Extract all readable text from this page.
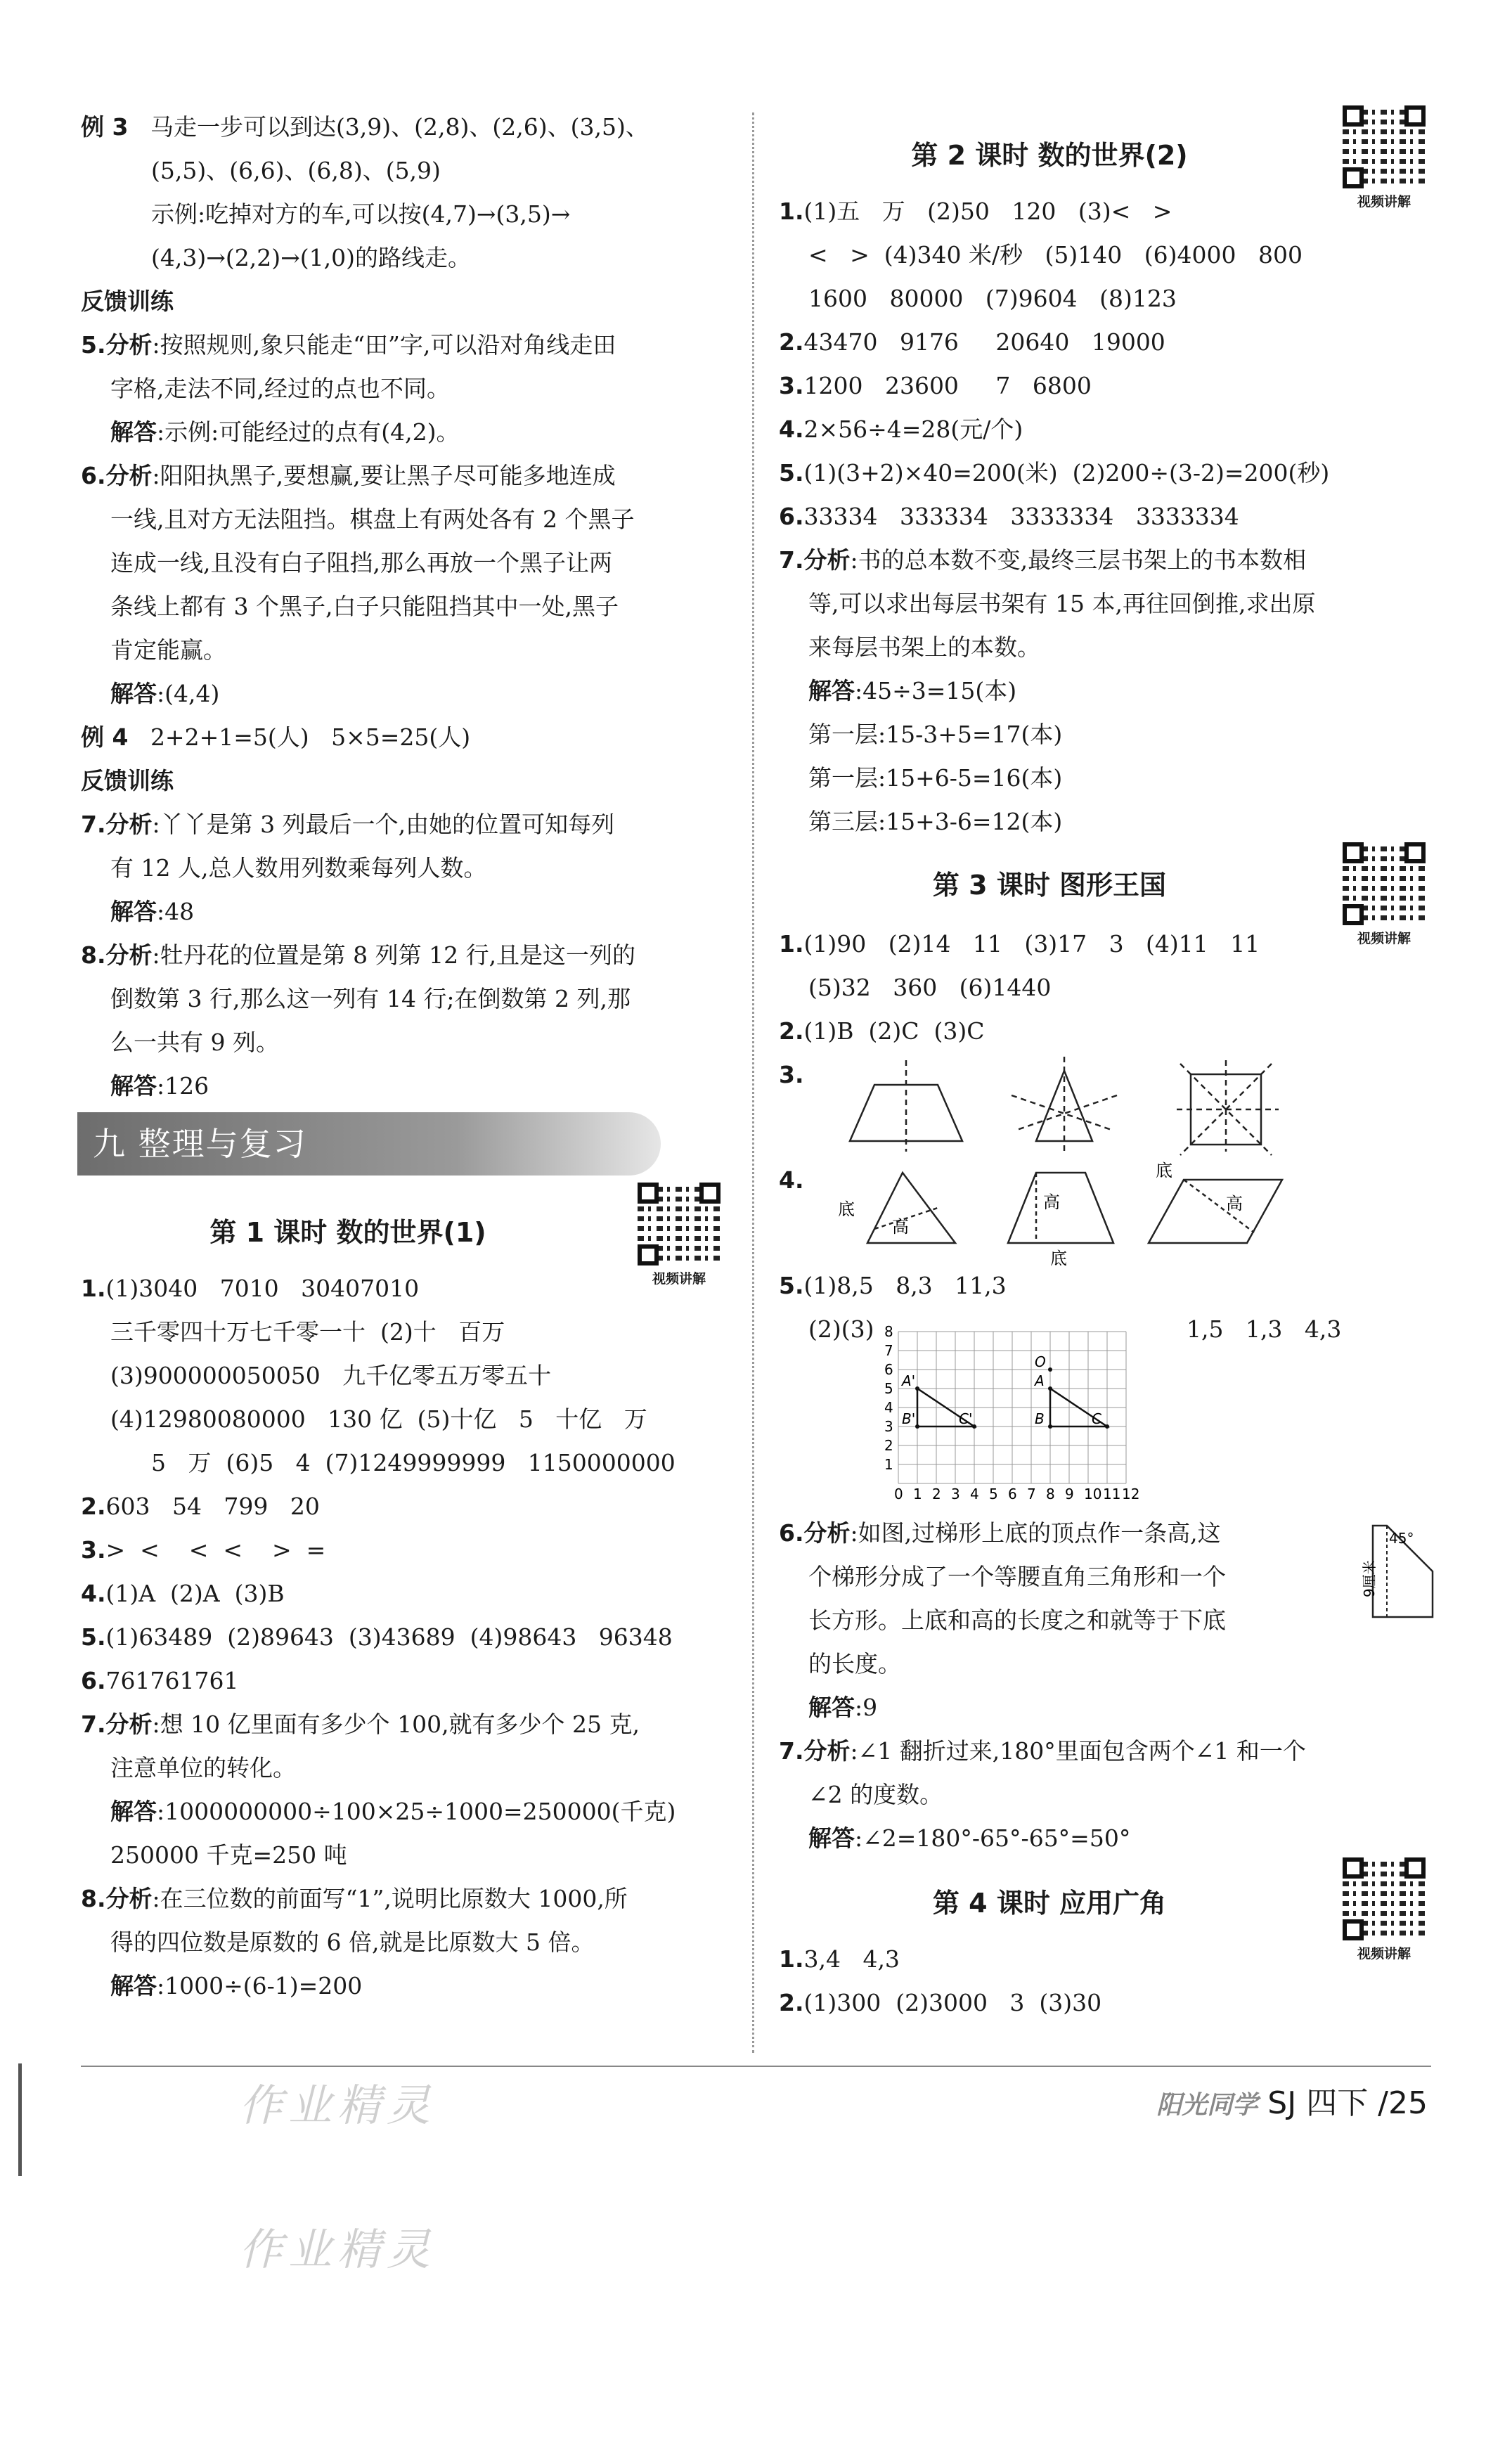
例 3 马走一步可以到达(3,9)、(2,8)、(2,6)、(3,5)、

(5,5)、(6,6)、(6,8)、(5,9)

示例:吃掉对方的车,可以按(4,7)→(3,5)→

(4,3)→(2,2)→(1,0)的路线走。

反馈训练

5.分析:按照规则,象只能走“田”字,可以沿对角线走田

字格,走法不同,经过的点也不同。

解答:示例:可能经过的点有(4,2)。

6.分析:阳阳执黑子,要想赢,要让黑子尽可能多地连成

一线,且对方无法阻挡。棋盘上有两处各有 2 个黑子

连成一线,且没有白子阻挡,那么再放一个黑子让两

条线上都有 3 个黑子,白子只能阻挡其中一处,黑子

肯定能赢。

解答:(4,4)

例 4 2+2+1=5(人)   5×5=25(人)

反馈训练

7.分析:丫丫是第 3 列最后一个,由她的位置可知每列

有 12 人,总人数用列数乘每列人数。

解答:48

8.分析:牡丹花的位置是第 8 列第 12 行,且是这一列的

倒数第 3 行,那么这一列有 14 行;在倒数第 2 列,那

么一共有 9 列。

解答:126

九 整理与复习
第 1 课时 数的世界(1)
视频讲解

1.(1)3040   7010   30407010

三千零四十万七千零一十  (2)十   百万

(3)900000050050   九千亿零五万零五十

(4)12980080000   130 亿  (5)十亿   5   十亿   万

5   万  (6)5   4  (7)1249999999   1150000000

2.603   54   799   20

3.>  <    <  <    >  =

4.(1)A  (2)A  (3)B

5.(1)63489  (2)89643  (3)43689  (4)98643   96348

6.761761761

7.分析:想 10 亿里面有多少个 100,就有多少个 25 克,

注意单位的转化。

解答:1000000000÷100×25÷1000=250000(千克)

250000 千克=250 吨

8.分析:在三位数的前面写“1”,说明比原数大 1000,所

得的四位数是原数的 6 倍,就是比原数大 5 倍。

解答:1000÷(6-1)=200

第 2 课时 数的世界(2)
视频讲解

1.(1)五   万   (2)50   120   (3)<   >

<   >  (4)340 米/秒   (5)140   (6)4000   800

1600   80000   (7)9604   (8)123

2.43470   9176     20640   19000

3.1200   23600     7   6800

4.2×56÷4=28(元/个)

5.(1)(3+2)×40=200(米)  (2)200÷(3-2)=200(秒)

6.33334   333334   3333334   3333334

7.分析:书的总本数不变,最终三层书架上的书本数相

等,可以求出每层书架有 15 本,再往回倒推,求出原

来每层书架上的本数。

解答:45÷3=15(本)

第一层:15-3+5=17(本)

第一层:15+6-5=16(本)

第三层:15+3-6=12(本)

第 3 课时 图形王国
视频讲解

1.(1)90   (2)14   11   (3)17   3   (4)11   11

(5)32   360   (6)1440

2.(1)B  (2)C  (3)C

3.
4.
底
高
高
底
底
高

5.(1)8,5   8,3   11,3

(2)(3)	1,5   1,3   4,3
0 1 2 3 4 5 6 7 8 9 10 11 12
1
2
3
4
5
6
7
8
A'
B'	C'
A
O
B	C

6.分析:如图,过梯形上底的顶点作一条高,这

个梯形分成了一个等腰直角三角形和一个

长方形。上底和高的长度之和就等于下底

的长度。

解答:9

45°
9厘米

7.分析:∠1 翻折过来,180°里面包含两个∠1 和一个

∠2 的度数。

解答:∠2=180°-65°-65°=50°

第 4 课时 应用广角
视频讲解

1.3,4   4,3

2.(1)300  (2)3000   3  (3)30

阳光同学 SJ 四下 /25
作业精灵
作业精灵
